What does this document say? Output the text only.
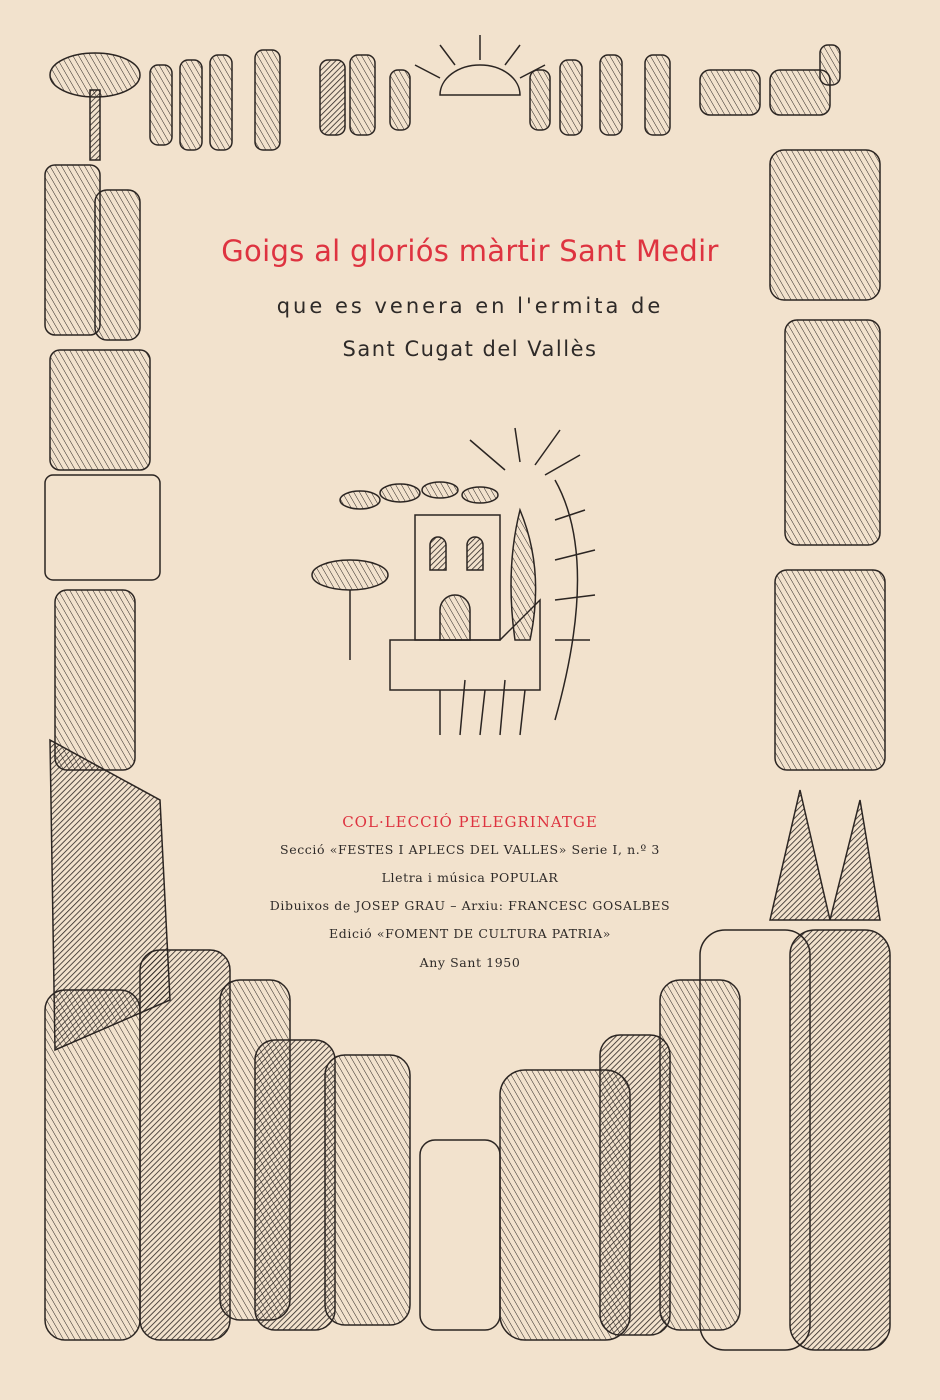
Goigs al gloriós màrtir Sant Medir
que es venera en l'ermita de
Sant Cugat del Vallès
COL·LECCIÓ PELEGRINATGE
Secció «FESTES I APLECS DEL VALLES» Serie I, n.º 3
Lletra i música POPULAR
Dibuixos de JOSEP GRAU – Arxiu: FRANCESC GOSALBES
Edició «FOMENT DE CULTURA PATRIA»
Any Sant 1950
